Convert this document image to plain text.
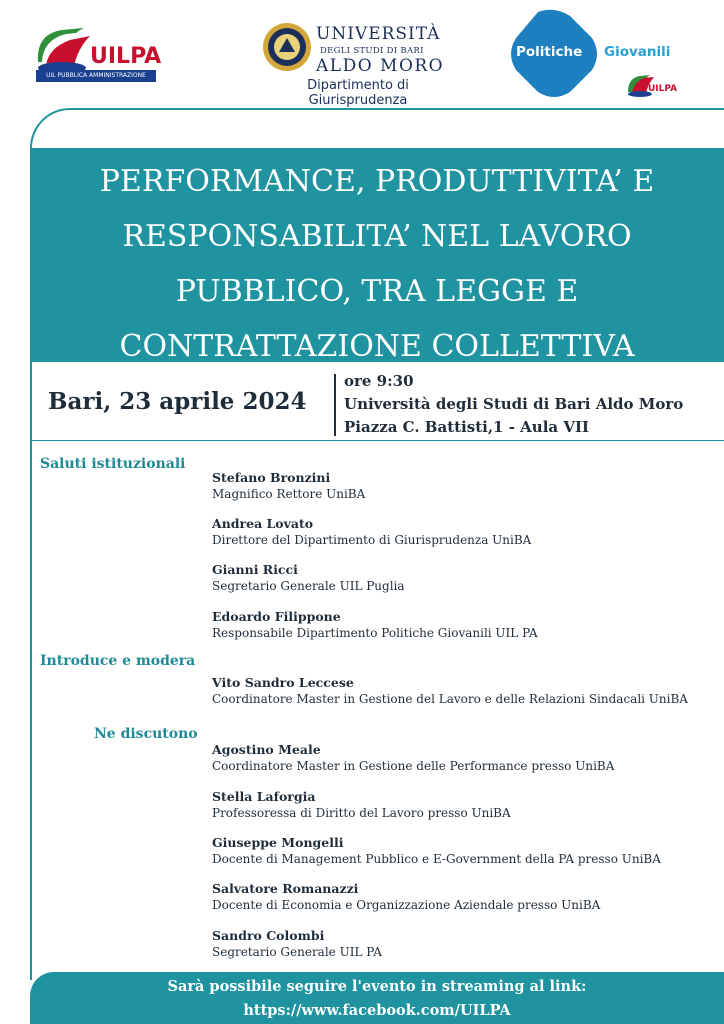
UILPA
UIL PUBBLICA AMMINISTRAZIONE
UNIVERSITÀ
DEGLI STUDI DI BARI
ALDO MORO
Dipartimento di Giurisprudenza
Politiche Giovanili
UILPA
PERFORMANCE, PRODUTTIVITA’ E
RESPONSABILITA’ NEL LAVORO
PUBBLICO, TRA LEGGE E
CONTRATTAZIONE COLLETTIVA
Bari, 23 aprile 2024
ore 9:30
Università degli Studi di Bari Aldo Moro
Piazza C. Battisti,1 - Aula VII
Saluti istituzionali
Stefano Bronzini
Magnifico Rettore UniBA
Andrea Lovato
Direttore del Dipartimento di Giurisprudenza UniBA
Gianni Ricci
Segretario Generale UIL Puglia
Edoardo Filippone
Responsabile Dipartimento Politiche Giovanili UIL PA
Introduce e modera
Vito Sandro Leccese
Coordinatore Master in Gestione del Lavoro e delle Relazioni Sindacali UniBA
Ne discutono
Agostino Meale
Coordinatore Master in Gestione delle Performance presso UniBA
Stella Laforgia
Professoressa di Diritto del Lavoro presso UniBA
Giuseppe Mongelli
Docente di Management Pubblico e E-Government della PA presso UniBA
Salvatore Romanazzi
Docente di Economia e Organizzazione Aziendale presso UniBA
Sandro Colombi
Segretario Generale UIL PA
Sarà possibile seguire l'evento in streaming al link:
https://www.facebook.com/UILPA
